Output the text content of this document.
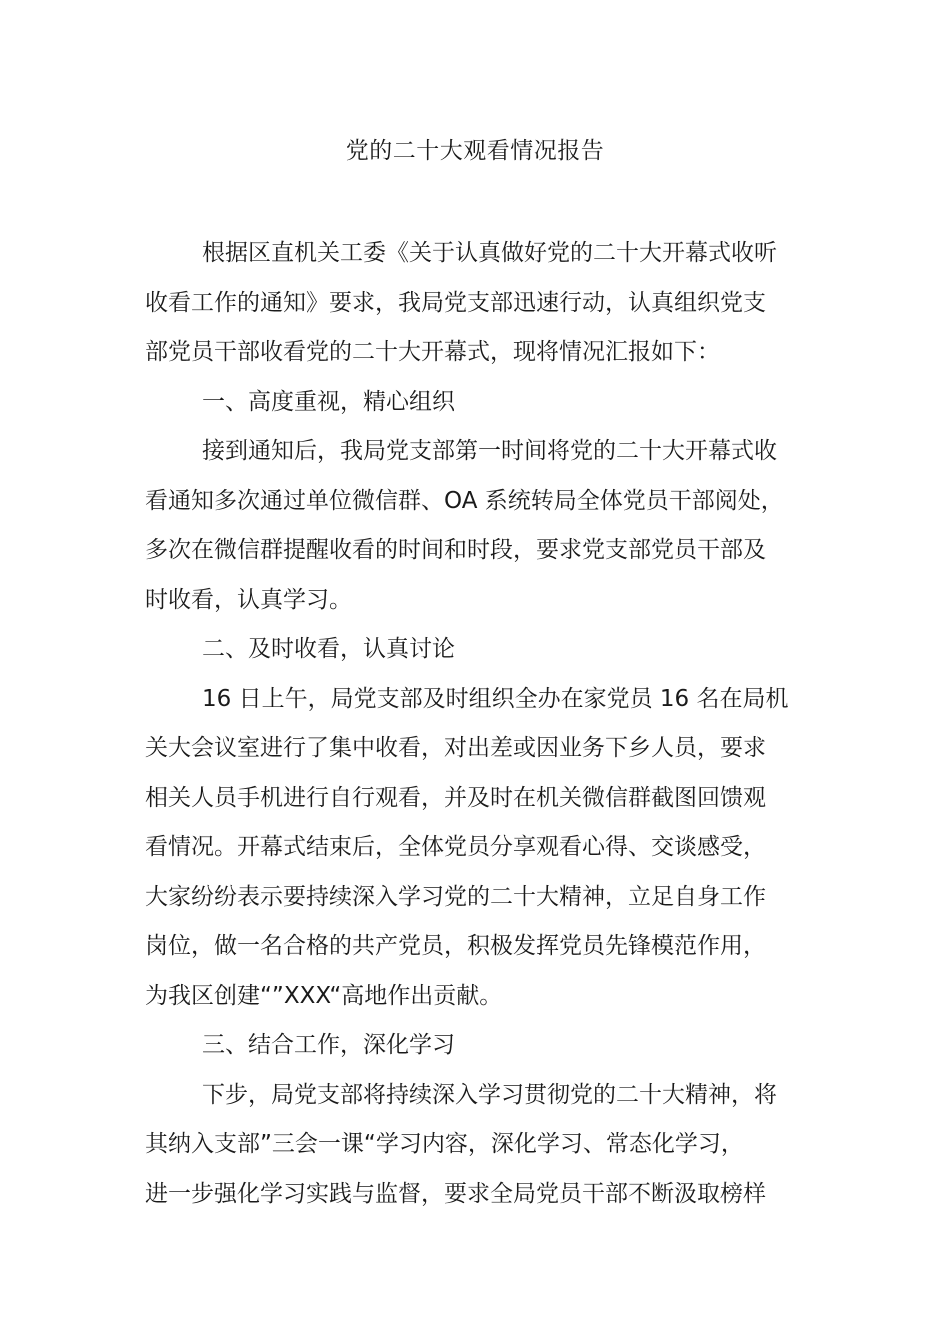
党的二十大观看情况报告
根据区直机关工委《关于认真做好党的二十大开幕式收听
收看工作的通知》要求，我局党支部迅速行动，认真组织党支
部党员干部收看党的二十大开幕式，现将情况汇报如下：
一、高度重视，精心组织
接到通知后，我局党支部第一时间将党的二十大开幕式收
看通知多次通过单位微信群、OA 系统转局全体党员干部阅处，
多次在微信群提醒收看的时间和时段，要求党支部党员干部及
时收看，认真学习。
二、及时收看，认真讨论
16 日上午，局党支部及时组织全办在家党员 16 名在局机
关大会议室进行了集中收看，对出差或因业务下乡人员，要求
相关人员手机进行自行观看，并及时在机关微信群截图回馈观
看情况。开幕式结束后，全体党员分享观看心得、交谈感受，
大家纷纷表示要持续深入学习党的二十大精神，立足自身工作
岗位，做一名合格的共产党员，积极发挥党员先锋模范作用，
为我区创建“”XXX“高地作出贡献。
三、结合工作，深化学习
下步，局党支部将持续深入学习贯彻党的二十大精神，将
其纳入支部”三会一课“学习内容，深化学习、常态化学习，
进一步强化学习实践与监督，要求全局党员干部不断汲取榜样
